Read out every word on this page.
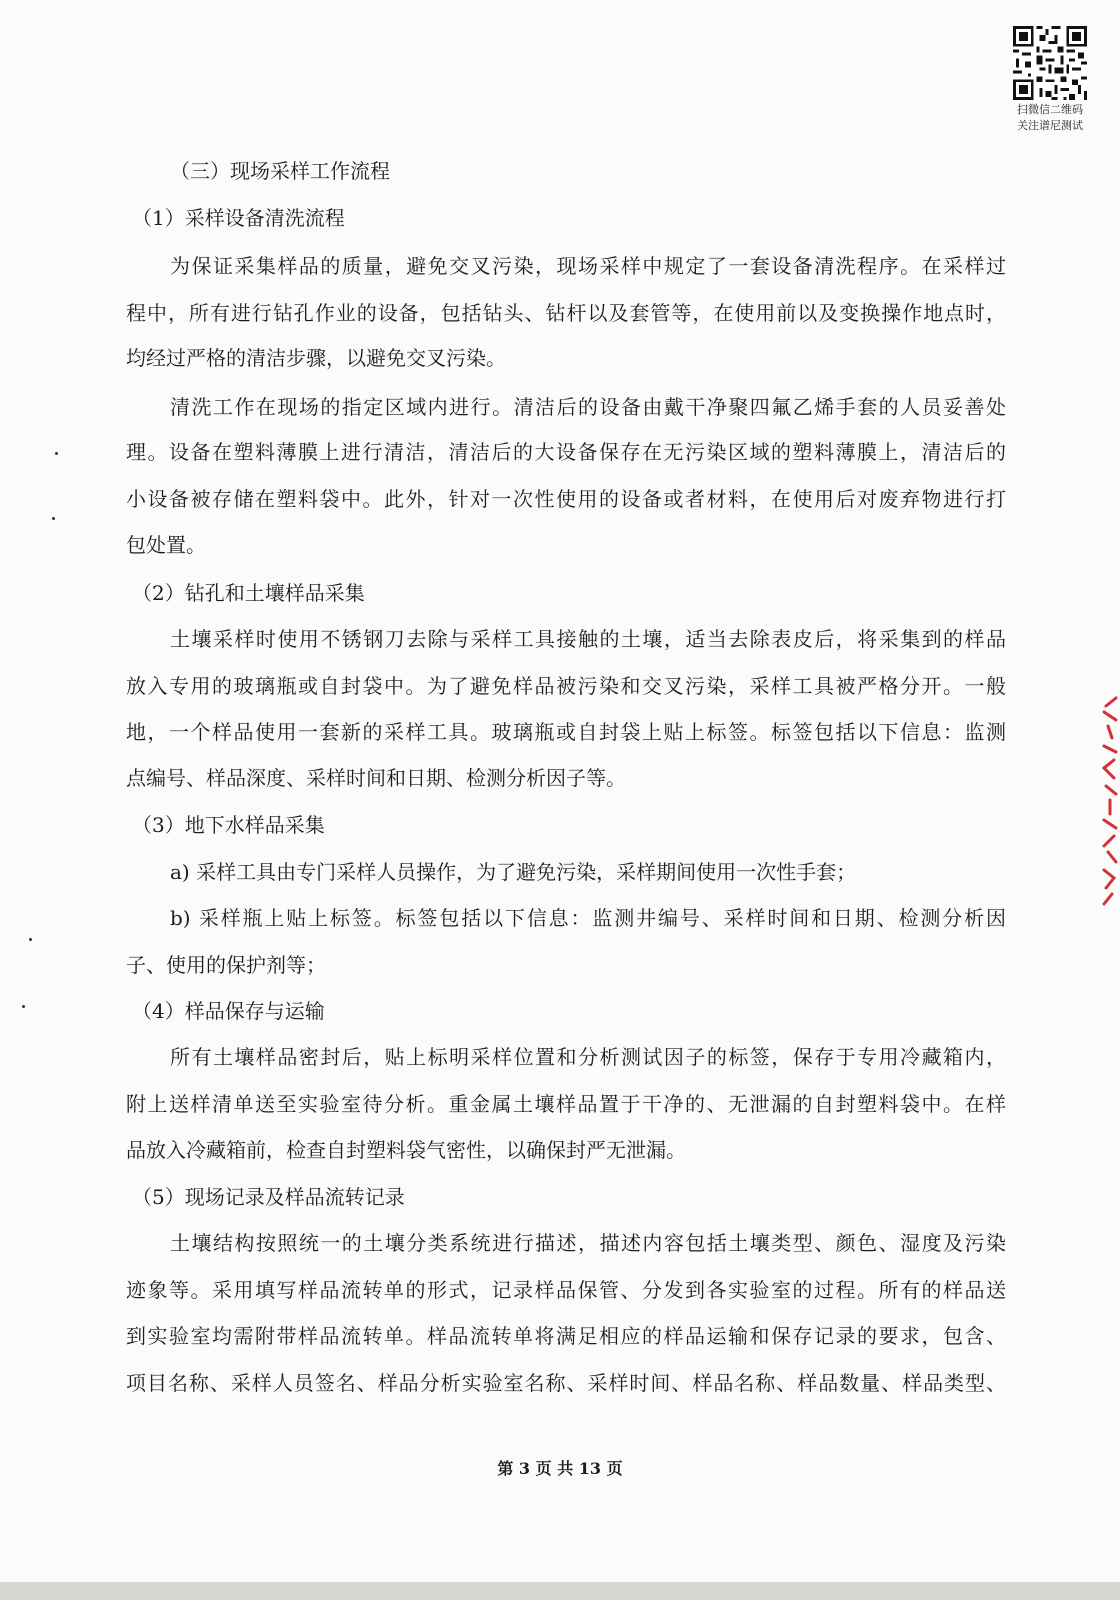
扫微信二维码
关注谱尼测试
（三）现场采样工作流程
（1）采样设备清洗流程
为保证采集样品的质量，避免交叉污染，现场采样中规定了一套设备清洗程序。在采样过
程中，所有进行钻孔作业的设备，包括钻头、钻杆以及套管等，在使用前以及变换操作地点时，
均经过严格的清洁步骤，以避免交叉污染。
清洗工作在现场的指定区域内进行。清洁后的设备由戴干净聚四氟乙烯手套的人员妥善处
理。设备在塑料薄膜上进行清洁，清洁后的大设备保存在无污染区域的塑料薄膜上，清洁后的
小设备被存储在塑料袋中。此外，针对一次性使用的设备或者材料，在使用后对废弃物进行打
包处置。
（2）钻孔和土壤样品采集
土壤采样时使用不锈钢刀去除与采样工具接触的土壤，适当去除表皮后，将采集到的样品
放入专用的玻璃瓶或自封袋中。为了避免样品被污染和交叉污染，采样工具被严格分开。一般
地，一个样品使用一套新的采样工具。玻璃瓶或自封袋上贴上标签。标签包括以下信息：监测
点编号、样品深度、采样时间和日期、检测分析因子等。
（3）地下水样品采集
a) 采样工具由专门采样人员操作，为了避免污染，采样期间使用一次性手套；
b) 采样瓶上贴上标签。标签包括以下信息：监测井编号、采样时间和日期、检测分析因
子、使用的保护剂等；
（4）样品保存与运输
所有土壤样品密封后，贴上标明采样位置和分析测试因子的标签，保存于专用冷藏箱内，
附上送样清单送至实验室待分析。重金属土壤样品置于干净的、无泄漏的自封塑料袋中。在样
品放入冷藏箱前，检查自封塑料袋气密性，以确保封严无泄漏。
（5）现场记录及样品流转记录
土壤结构按照统一的土壤分类系统进行描述，描述内容包括土壤类型、颜色、湿度及污染
迹象等。采用填写样品流转单的形式，记录样品保管、分发到各实验室的过程。所有的样品送
到实验室均需附带样品流转单。样品流转单将满足相应的样品运输和保存记录的要求，包含、
项目名称、采样人员签名、样品分析实验室名称、采样时间、样品名称、样品数量、样品类型、
第 3 页 共 13 页
